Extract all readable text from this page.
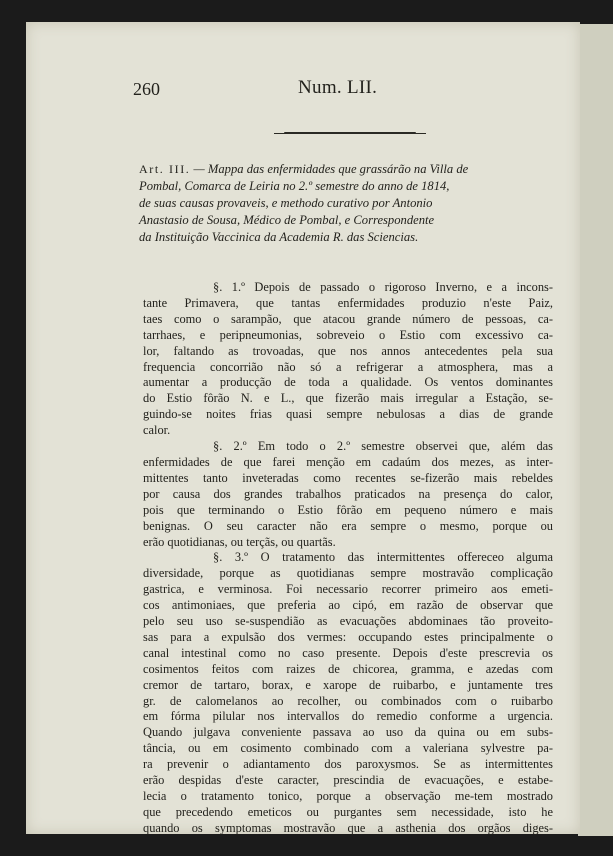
260	Num. LII.
Art. III. — Mappa das enfermidades que grassárão na Villa de
Pombal, Comarca de Leiria no 2.º semestre do anno de 1814,
de suas causas provaveis, e methodo curativo por Antonio
Anastasio de Sousa, Médico de Pombal, e Correspondente
da Instituição Vaccinica da Academia R. das Sciencias.
§. 1.º Depois de passado o rigoroso Inverno, e a incons-
tante Primavera, que tantas enfermidades produzio n'este Paiz,
taes como o sarampão, que atacou grande número de pessoas, ca-
tarrhaes, e peripneumonias, sobreveio o Estio com excessivo ca-
lor, faltando as trovoadas, que nos annos antecedentes pela sua
frequencia concorrião não só a refrigerar a atmosphera, mas a
aumentar a producção de toda a qualidade. Os ventos dominantes
do Estio fôrão N. e L., que fizerão mais irregular a Estação, se-
guindo-se noites frias quasi sempre nebulosas a dias de grande
calor.
§. 2.º Em todo o 2.º semestre observei que, além das
enfermidades de que farei menção em cadaúm dos mezes, as inter-
mittentes tanto inveteradas como recentes se-fizerão mais rebeldes
por causa dos grandes trabalhos praticados na presença do calor,
pois que terminando o Estio fôrão em pequeno número e mais
benignas. O seu caracter não era sempre o mesmo, porque ou
erão quotidianas, ou terçãs, ou quartãs.
§. 3.º O tratamento das intermittentes offereceo alguma
diversidade, porque as quotidianas sempre mostravão complicação
gastrica, e verminosa. Foi necessario recorrer primeiro aos emeti-
cos antimoniaes, que preferia ao cipó, em razão de observar que
pelo seu uso se-suspendião as evacuações abdominaes tão proveito-
sas para a expulsão dos vermes: occupando estes principalmente o
canal intestinal como no caso presente. Depois d'este prescrevia os
cosimentos feitos com raizes de chicorea, gramma, e azedas com
cremor de tartaro, borax, e xarope de ruibarbo, e juntamente tres
gr. de calomelanos ao recolher, ou combinados com o ruibarbo
em fórma pilular nos intervallos do remedio conforme a urgencia.
Quando julgava conveniente passava ao uso da quina ou em subs-
tância, ou em cosimento combinado com a valeriana sylvestre pa-
ra prevenir o adiantamento dos paroxysmos. Se as intermittentes
erão despidas d'este caracter, prescindia de evacuações, e estabe-
lecia o tratamento tonico, porque a observação me-tem mostrado
que precedendo emeticos ou purgantes sem necessidade, isto he
quando os symptomas mostravão que a asthenia dos orgãos diges-
